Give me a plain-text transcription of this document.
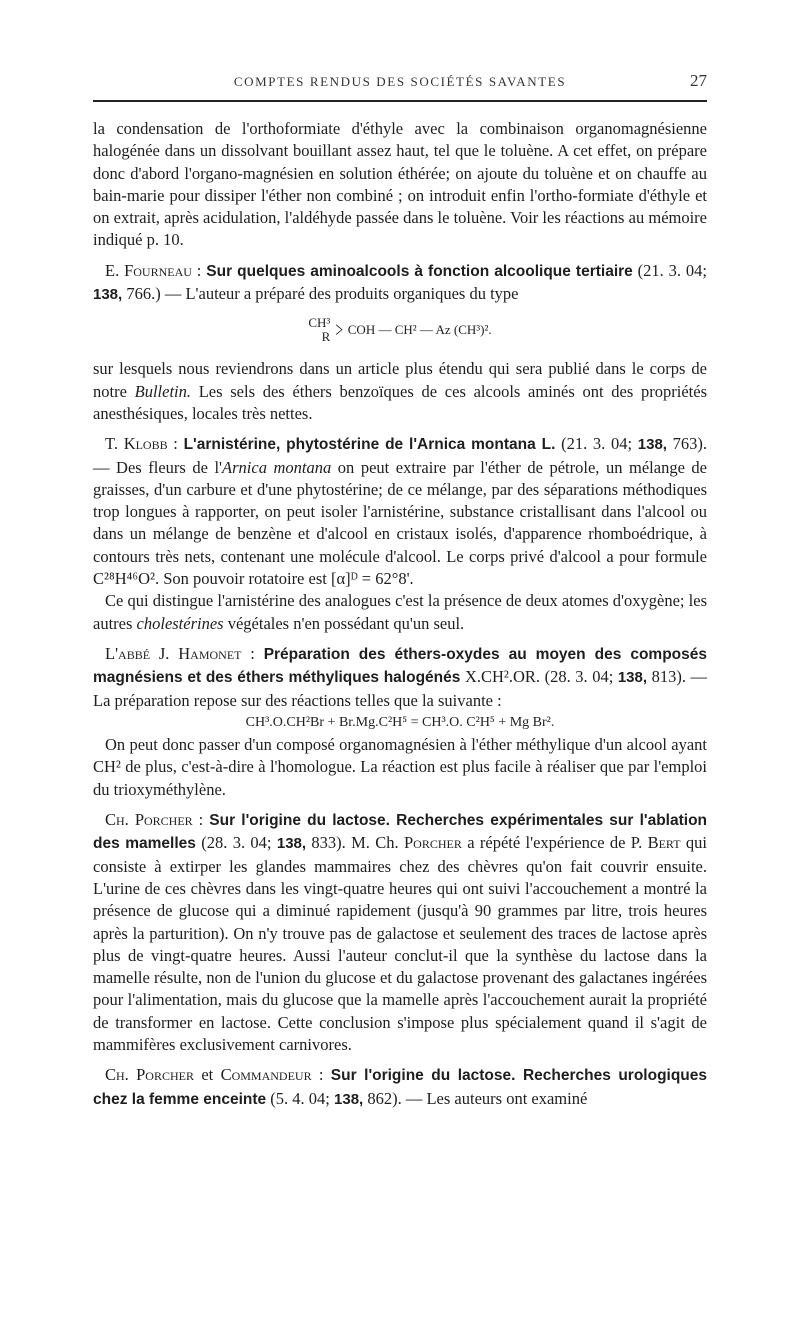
COMPTES RENDUS DES SOCIÉTÉS SAVANTES	27

la condensation de l'orthoformiate d'éthyle avec la combinaison organomagnésienne halogénée dans un dissolvant bouillant assez haut, tel que le toluène. A cet effet, on prépare donc d'abord l'organo-magnésien en solution éthérée; on ajoute du toluène et on chauffe au bain-marie pour dissiper l'éther non combiné ; on introduit enfin l'ortho-formiate d'éthyle et on extrait, après acidulation, l'aldéhyde passée dans le toluène. Voir les réactions au mémoire indiqué p. 10.

E. Fourneau : Sur quelques aminoalcools à fonction alcoolique tertiaire (21. 3. 04; 138, 766.) — L'auteur a préparé des produits organiques du type

CH³
R > COH — CH² — Az (CH³)².

sur lesquels nous reviendrons dans un article plus étendu qui sera publié dans le corps de notre Bulletin. Les sels des éthers benzoïques de ces alcools aminés ont des propriétés anesthésiques, locales très nettes.

T. Klobb : L'arnistérine, phytostérine de l'Arnica montana L. (21. 3. 04; 138, 763). — Des fleurs de l'Arnica montana on peut extraire par l'éther de pétrole, un mélange de graisses, d'un carbure et d'une phytostérine; de ce mélange, par des séparations méthodiques trop longues à rapporter, on peut isoler l'arnistérine, substance cristallisant dans l'alcool ou dans un mélange de benzène et d'alcool en cristaux isolés, d'apparence rhomboédrique, à contours très nets, contenant une molécule d'alcool. Le corps privé d'alcool a pour formule C²⁸H⁴⁶O². Son pouvoir rotatoire est [α]ᴰ = 62°8'.

Ce qui distingue l'arnistérine des analogues c'est la présence de deux atomes d'oxygène; les autres cholestérines végétales n'en possédant qu'un seul.

L'abbé J. Hamonet : Préparation des éthers-oxydes au moyen des composés magnésiens et des éthers méthyliques halogénés X.CH².OR. (28. 3. 04; 138, 813). — La préparation repose sur des réactions telles que la suivante :

CH³.O.CH²Br + Br.Mg.C²H⁵ = CH³.O. C²H⁵ + Mg Br².

On peut donc passer d'un composé organomagnésien à l'éther méthylique d'un alcool ayant CH² de plus, c'est-à-dire à l'homologue. La réaction est plus facile à réaliser que par l'emploi du trioxyméthylène.

Ch. Porcher : Sur l'origine du lactose. Recherches expérimentales sur l'ablation des mamelles (28. 3. 04; 138, 833). M. Ch. Porcher a répété l'expérience de P. Bert qui consiste à extirper les glandes mammaires chez des chèvres qu'on fait couvrir ensuite. L'urine de ces chèvres dans les vingt-quatre heures qui ont suivi l'accouchement a montré la présence de glucose qui a diminué rapidement (jusqu'à 90 grammes par litre, trois heures après la parturition). On n'y trouve pas de galactose et seulement des traces de lactose après plus de vingt-quatre heures. Aussi l'auteur conclut-il que la synthèse du lactose dans la mamelle résulte, non de l'union du glucose et du galactose provenant des galactanes ingérées pour l'alimentation, mais du glucose que la mamelle après l'accouchement aurait la propriété de transformer en lactose. Cette conclusion s'impose plus spécialement quand il s'agit de mammifères exclusivement carnivores.

Ch. Porcher et Commandeur : Sur l'origine du lactose. Recherches urologiques chez la femme enceinte (5. 4. 04; 138, 862). — Les auteurs ont examiné
